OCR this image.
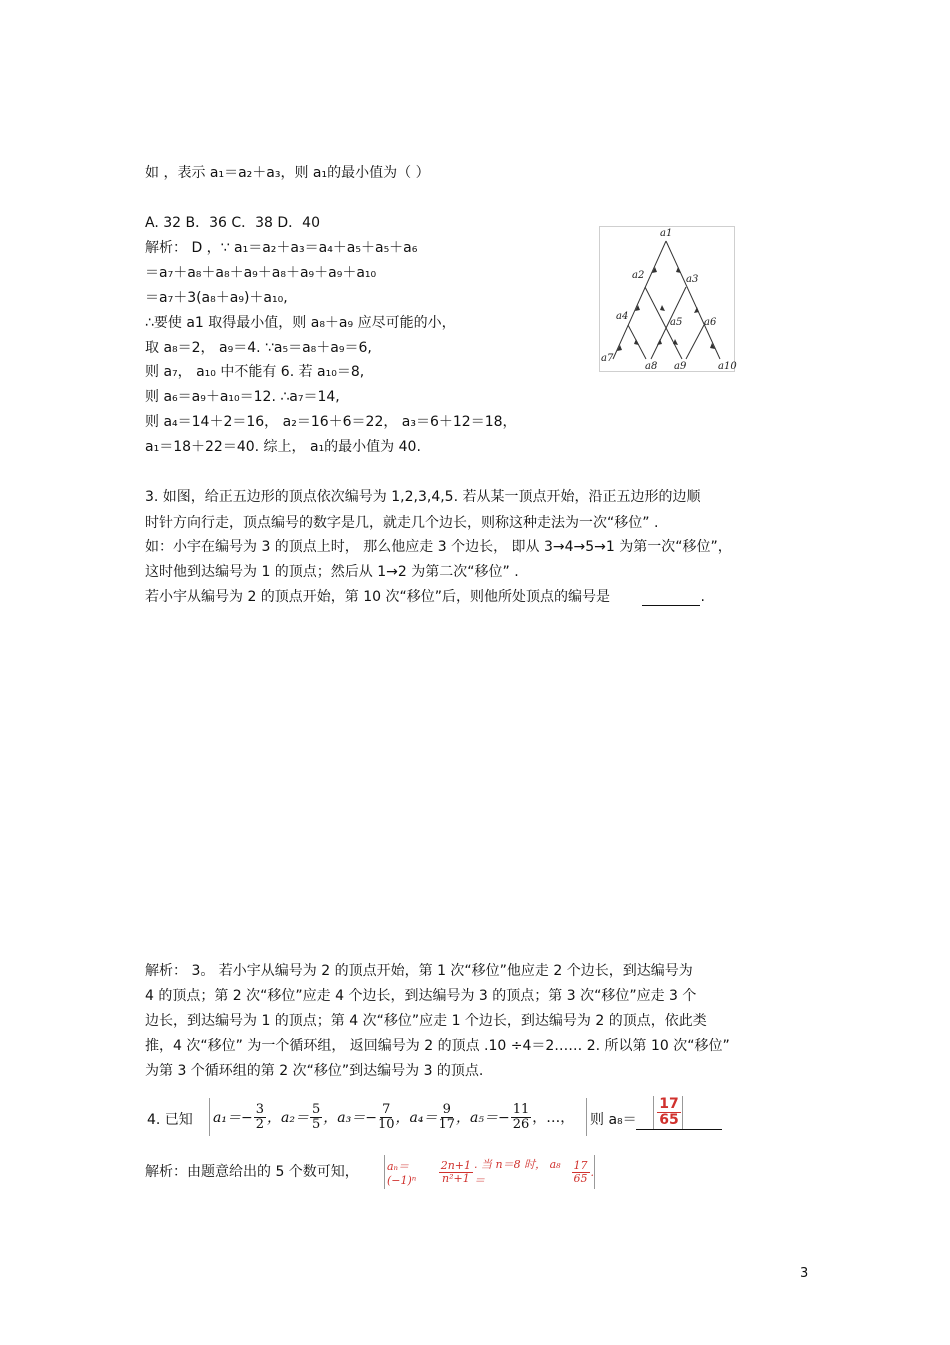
如 ，表示 a₁＝a₂＋a₃，则 a₁的最小值为（ ）
A. 32 B．36 C．38 D．40
解析： D ，∵ a₁＝a₂＋a₃＝a₄＋a₅＋a₅＋a₆
＝a₇＋a₈＋a₈＋a₉＋a₈＋a₉＋a₉＋a₁₀
＝a₇＋3(a₈＋a₉)＋a₁₀,
∴要使 a1 取得最小值，则 a₈＋a₉ 应尽可能的小，
取 a₈＝2， a₉＝4. ∵a₅＝a₈＋a₉＝6,
则 a₇， a₁₀ 中不能有 6. 若 a₁₀＝8,
则 a₆＝a₉＋a₁₀＝12. ∴a₇＝14,
则 a₄＝14＋2＝16， a₂＝16＋6＝22， a₃＝6＋12＝18，
a₁＝18＋22＝40. 综上， a₁的最小值为 40.
a1
a2	a3
a4
a5 a6
a7
a8 a9	a10
3. 如图，给正五边形的顶点依次编号为 1,2,3,4,5. 若从某一顶点开始，沿正五边形的边顺
时针方向行走，顶点编号的数字是几，就走几个边长，则称这种走法为一次“移位” .
如：小宇在编号为 3 的顶点上时， 那么他应走 3 个边长， 即从 3→4→5→1 为第一次“移位”，
这时他到达编号为 1 的顶点；然后从 1→2 为第二次“移位” .
若小宇从编号为 2 的顶点开始，第 10 次“移位”后，则他所处顶点的编号是	.
解析： 3。 若小宇从编号为 2 的顶点开始，第 1 次“移位”他应走 2 个边长，到达编号为
4 的顶点；第 2 次“移位”应走 4 个边长，到达编号为 3 的顶点；第 3 次“移位”应走 3 个
边长，到达编号为 1 的顶点；第 4 次“移位”应走 1 个边长，到达编号为 2 的顶点，依此类
推，4 次“移位” 为一个循环组， 返回编号为 2 的顶点 .10 ÷4＝2…… 2. 所以第 10 次“移位”
为第 3 个循环组的第 2 次“移位”到达编号为 3 的顶点.
4. 已知 $a_1=- \frac{3}{2}$ ，$a_2= \frac{5}{5}$ ，$a_3=- \frac{7}{10}$ ，$a_4= \frac{9}{17}$ ，$a_5=- \frac{11}{26}$ ，…， 则 a₈＝
17
65
解析：由题意给出的 5 个数可知，	aₙ＝(−1)ⁿ	$\frac{2n+1}{\text{n²+1}}$ . 当 n＝8 时， a₈＝	$\frac{17}{65}$ .
3
